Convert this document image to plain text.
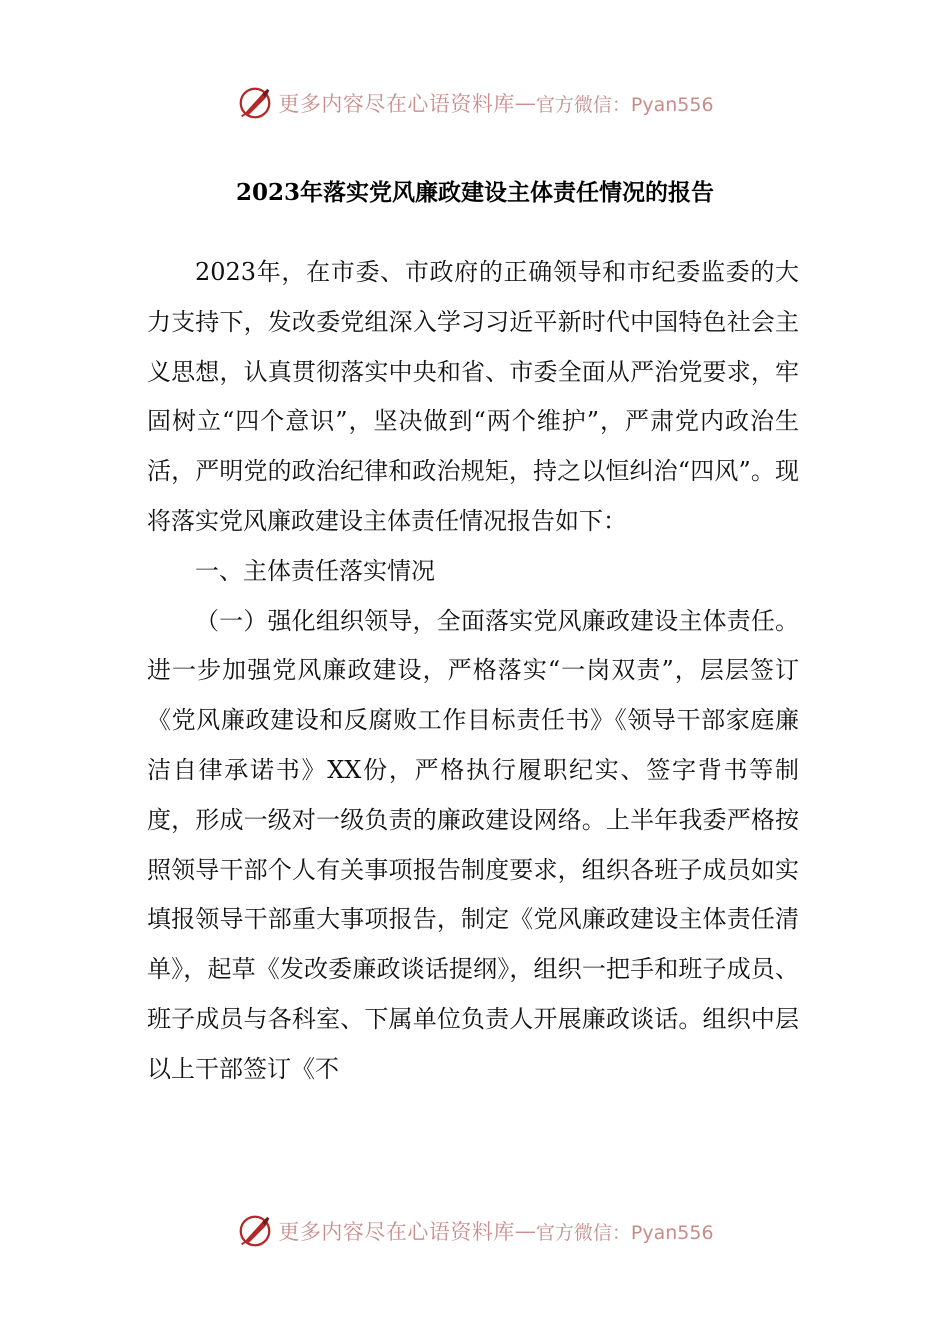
更多内容尽在心语资料库 — 官方微信：Pyan556
2023年落实党风廉政建设主体责任情况的报告

2023年，在市委、市政府的正确领导和市纪委监委的大力支持下，发改委党组深入学习习近平新时代中国特色社会主义思想，认真贯彻落实中央和省、市委全面从严治党要求，牢固树立“四个意识”，坚决做到“两个维护”，严肃党内政治生活，严明党的政治纪律和政治规矩，持之以恒纠治“四风”。现将落实党风廉政建设主体责任情况报告如下：

一、主体责任落实情况

（一）强化组织领导，全面落实党风廉政建设主体责任。进一步加强党风廉政建设，严格落实“一岗双责”，层层签订《党风廉政建设和反腐败工作目标责任书》《领导干部家庭廉洁自律承诺书》XX份，严格执行履职纪实、签字背书等制度，形成一级对一级负责的廉政建设网络。上半年我委严格按照领导干部个人有关事项报告制度要求，组织各班子成员如实填报领导干部重大事项报告，制定《党风廉政建设主体责任清单》，起草《发改委廉政谈话提纲》，组织一把手和班子成员、班子成员与各科室、下属单位负责人开展廉政谈话。组织中层以上干部签订《不

更多内容尽在心语资料库 — 官方微信：Pyan556
